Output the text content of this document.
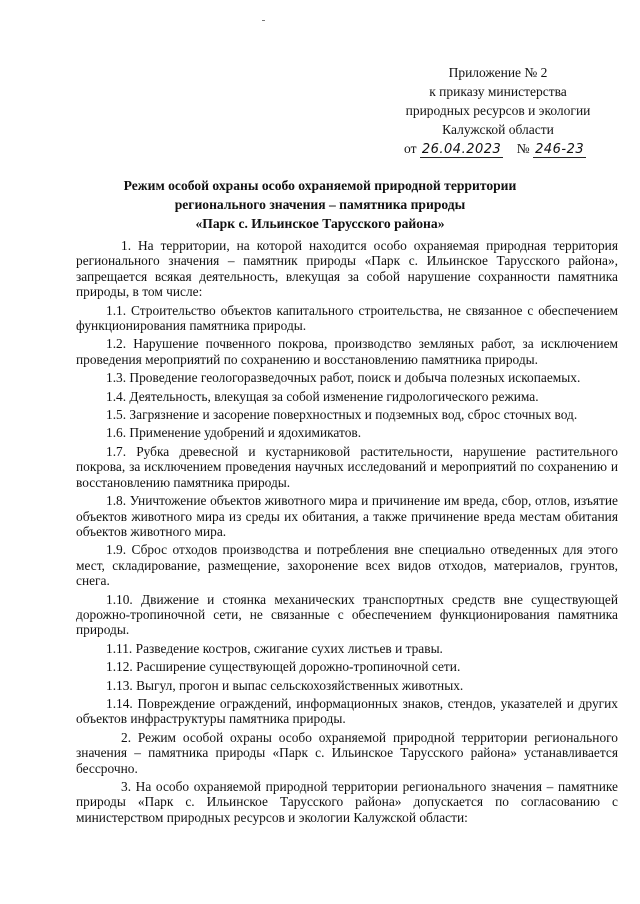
Приложение № 2
к приказу министерства
природных ресурсов и экологии
Калужской области
от 26.04.2023 № 246-23
Режим особой охраны особо охраняемой природной территории
регионального значения – памятника природы
«Парк с. Ильинское Тарусского района»

1. На территории, на которой находится особо охраняемая природная территория регионального значения – памятник природы «Парк с. Ильинское Тарусского района», запрещается всякая деятельность, влекущая за собой нарушение сохранности памятника природы, в том числе:

1.1. Строительство объектов капитального строительства, не связанное с обеспечением функционирования памятника природы.

1.2. Нарушение почвенного покрова, производство земляных работ, за исключением проведения мероприятий по сохранению и восстановлению памятника природы.

1.3. Проведение геологоразведочных работ, поиск и добыча полезных ископаемых.

1.4. Деятельность, влекущая за собой изменение гидрологического режима.

1.5. Загрязнение и засорение поверхностных и подземных вод, сброс сточных вод.

1.6. Применение удобрений и ядохимикатов.

1.7. Рубка древесной и кустарниковой растительности, нарушение растительного покрова, за исключением проведения научных исследований и мероприятий по сохранению и восстановлению памятника природы.

1.8. Уничтожение объектов животного мира и причинение им вреда, сбор, отлов, изъятие объектов животного мира из среды их обитания, а также причинение вреда местам обитания объектов животного мира.

1.9. Сброс отходов производства и потребления вне специально отведенных для этого мест, складирование, размещение, захоронение всех видов отходов, материалов, грунтов, снега.

1.10. Движение и стоянка механических транспортных средств вне существующей дорожно-тропиночной сети, не связанные с обеспечением функционирования памятника природы.

1.11. Разведение костров, сжигание сухих листьев и травы.

1.12. Расширение существующей дорожно-тропиночной сети.

1.13. Выгул, прогон и выпас сельскохозяйственных животных.

1.14. Повреждение ограждений, информационных знаков, стендов, указателей и других объектов инфраструктуры памятника природы.

2. Режим особой охраны особо охраняемой природной территории регионального значения – памятника природы «Парк с. Ильинское Тарусского района» устанавливается бессрочно.

3. На особо охраняемой природной территории регионального значения – памятнике природы «Парк с. Ильинское Тарусского района» допускается по согласованию с министерством природных ресурсов и экологии Калужской области:
